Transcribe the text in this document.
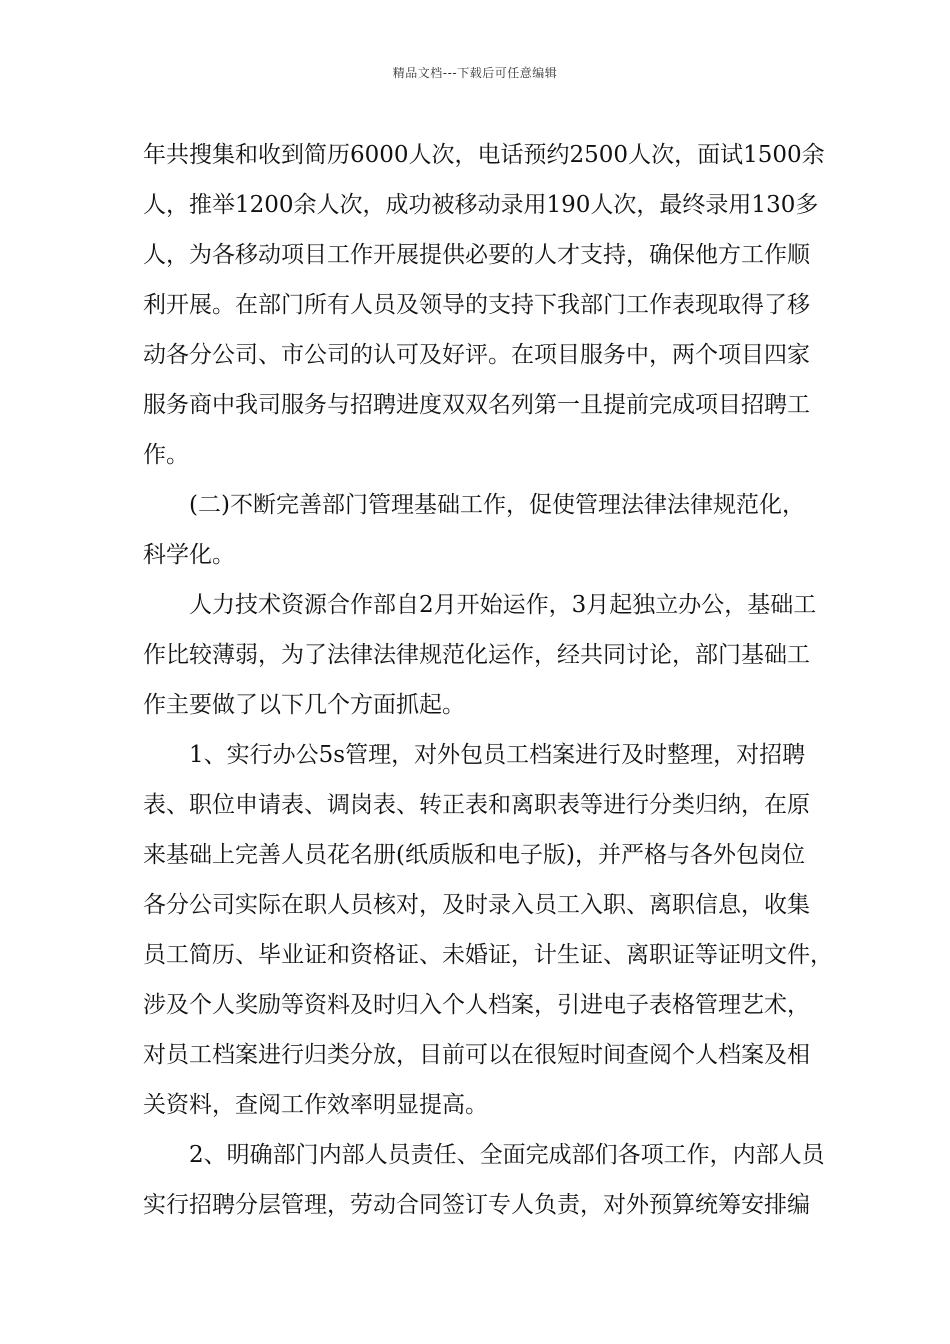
精品文档---下载后可任意编辑
年共搜集和收到简历6000人次，电话预约2500人次，面试1500余
人，推举1200余人次，成功被移动录用190人次，最终录用130多
人，为各移动项目工作开展提供必要的人才支持，确保他方工作顺
利开展。在部门所有人员及领导的支持下我部门工作表现取得了移
动各分公司、市公司的认可及好评。在项目服务中，两个项目四家
服务商中我司服务与招聘进度双双名列第一且提前完成项目招聘工
作。
(二)不断完善部门管理基础工作，促使管理法律法律规范化，
科学化。
人力技术资源合作部自2月开始运作，3月起独立办公，基础工
作比较薄弱，为了法律法律规范化运作，经共同讨论，部门基础工
作主要做了以下几个方面抓起。
1、实行办公5s管理，对外包员工档案进行及时整理，对招聘
表、职位申请表、调岗表、转正表和离职表等进行分类归纳，在原
来基础上完善人员花名册(纸质版和电子版)，并严格与各外包岗位
各分公司实际在职人员核对，及时录入员工入职、离职信息，收集
员工简历、毕业证和资格证、未婚证，计生证、离职证等证明文件，
涉及个人奖励等资料及时归入个人档案，引进电子表格管理艺术，
对员工档案进行归类分放，目前可以在很短时间查阅个人档案及相
关资料，查阅工作效率明显提高。
2、明确部门内部人员责任、全面完成部们各项工作，内部人员
实行招聘分层管理，劳动合同签订专人负责，对外预算统筹安排编
